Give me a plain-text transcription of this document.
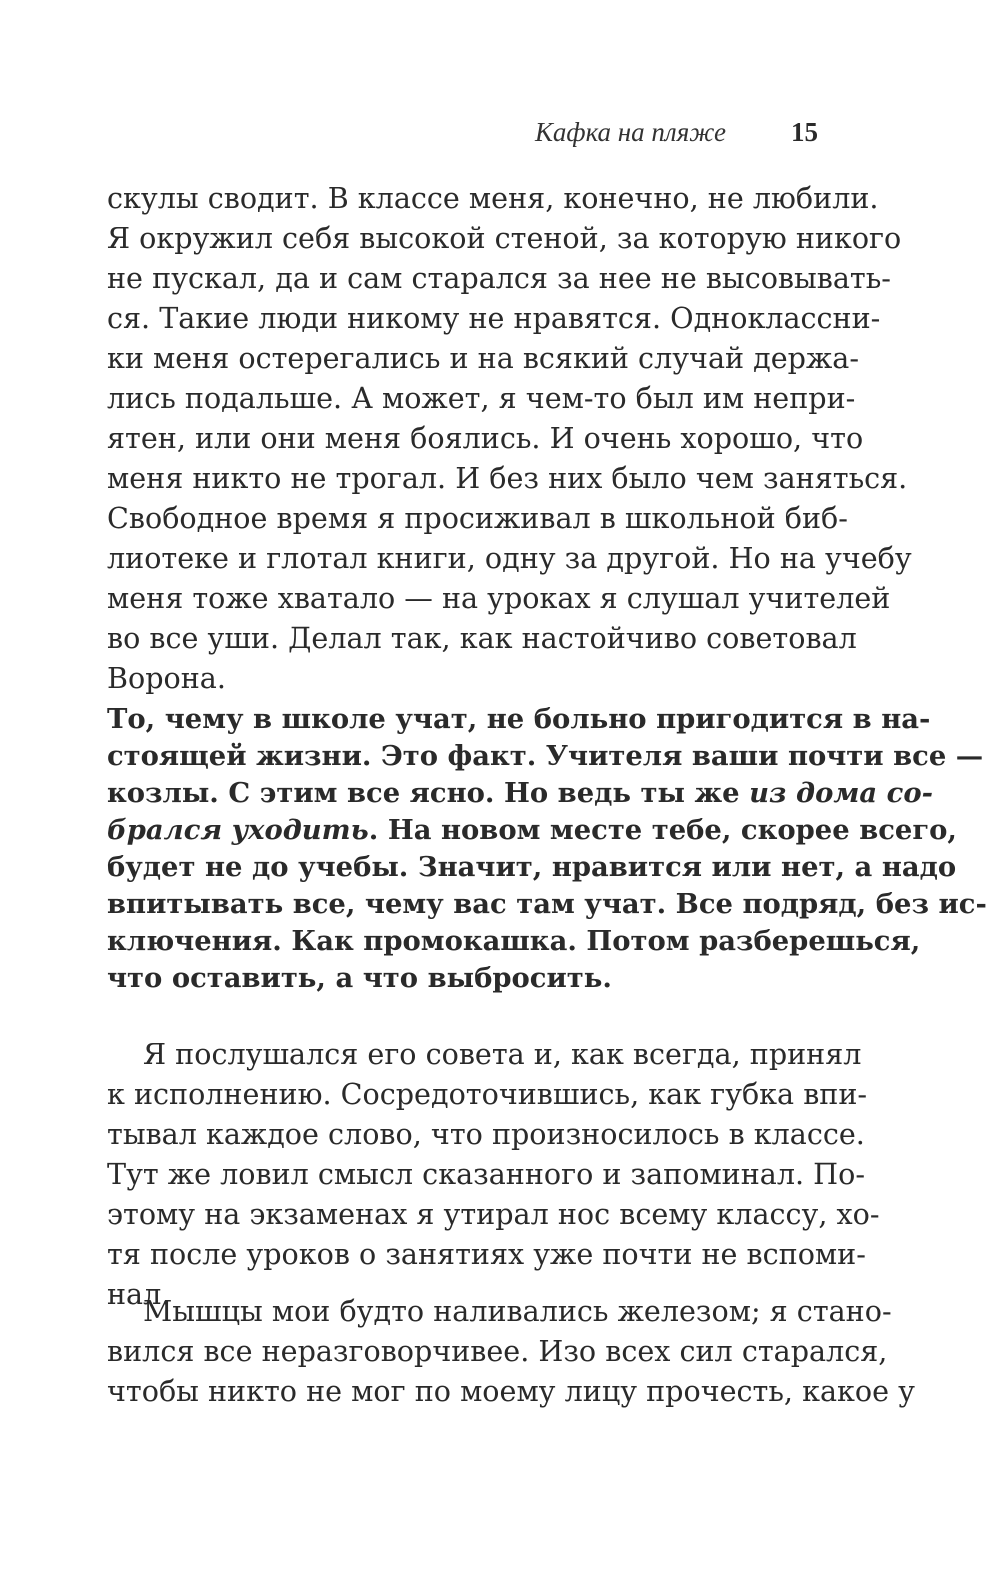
Кафка на пляже 15
скулы сводит. В классе меня, конечно, не любили.
Я окружил себя высокой стеной, за которую никого
не пускал, да и сам старался за нее не высовывать-
ся. Такие люди никому не нравятся. Одноклассни-
ки меня остерегались и на всякий случай держа-
лись подальше. А может, я чем-то был им непри-
ятен, или они меня боялись. И очень хорошо, что
меня никто не трогал. И без них было чем заняться.
Свободное время я просиживал в школьной биб-
лиотеке и глотал книги, одну за другой. Но на учебу
меня тоже хватало — на уроках я слушал учителей
во все уши. Делал так, как настойчиво советовал
Ворона.
То, чему в школе учат, не больно пригодится в на-
стоящей жизни. Это факт. Учителя ваши почти все —
козлы. С этим все ясно. Но ведь ты же из дома со-
брался уходить. На новом месте тебе, скорее всего,
будет не до учебы. Значит, нравится или нет, а надо
впитывать все, чему вас там учат. Все подряд, без ис-
ключения. Как промокашка. Потом разберешься,
что оставить, а что выбросить.
Я послушался его совета и, как всегда, принял
к исполнению. Сосредоточившись, как губка впи-
тывал каждое слово, что произносилось в классе.
Тут же ловил смысл сказанного и запоминал. По-
этому на экзаменах я утирал нос всему классу, хо-
тя после уроков о занятиях уже почти не вспоми-
нал.
Мышцы мои будто наливались железом; я стано-
вился все неразговорчивее. Изо всех сил старался,
чтобы никто не мог по моему лицу прочесть, какое у
